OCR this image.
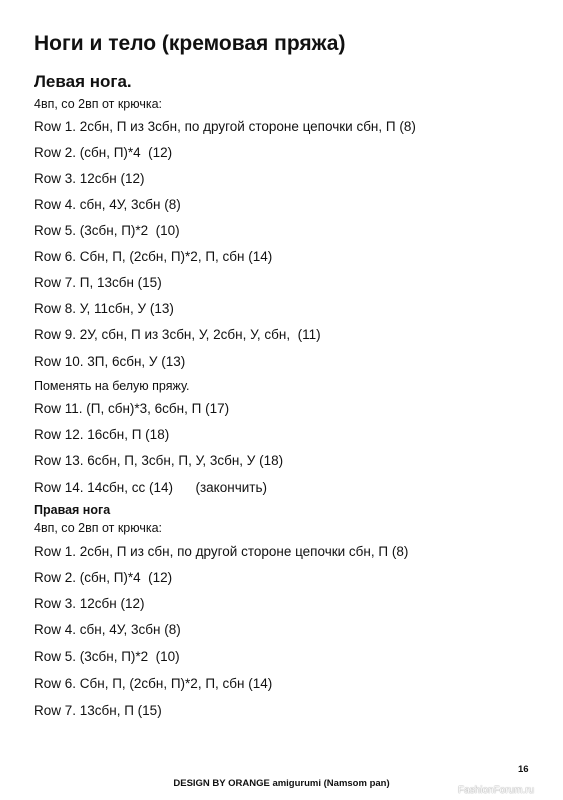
Ноги и тело (кремовая пряжа)
Левая нога.
4вп, со 2вп от крючка:
Row 1. 2сбн, П из 3сбн, по другой стороне цепочки сбн, П (8)
Row 2. (сбн, П)*4  (12)
Row 3. 12сбн (12)
Row 4. сбн, 4У, 3сбн (8)
Row 5. (3сбн, П)*2  (10)
Row 6. Сбн, П, (2сбн, П)*2, П, сбн (14)
Row 7. П, 13сбн (15)
Row 8. У, 11сбн, У (13)
Row 9. 2У, сбн, П из 3сбн, У, 2сбн, У, сбн,  (11)
Row 10. 3П, 6сбн, У (13)
Поменять на белую пряжу.
Row 11. (П, сбн)*3, 6сбн, П (17)
Row 12. 16сбн, П (18)
Row 13. 6сбн, П, 3сбн, П, У, 3сбн, У (18)
Row 14. 14сбн, сс (14)      (закончить)
Правая нога
4вп, со 2вп от крючка:
Row 1. 2сбн, П из сбн, по другой стороне цепочки сбн, П (8)
Row 2. (сбн, П)*4  (12)
Row 3. 12сбн (12)
Row 4. сбн, 4У, 3сбн (8)
Row 5. (3сбн, П)*2  (10)
Row 6. Сбн, П, (2сбн, П)*2, П, сбн (14)
Row 7. 13сбн, П (15)
16
DESIGN BY ORANGE amigurumi (Namsom pan)
FashionForum.ru
